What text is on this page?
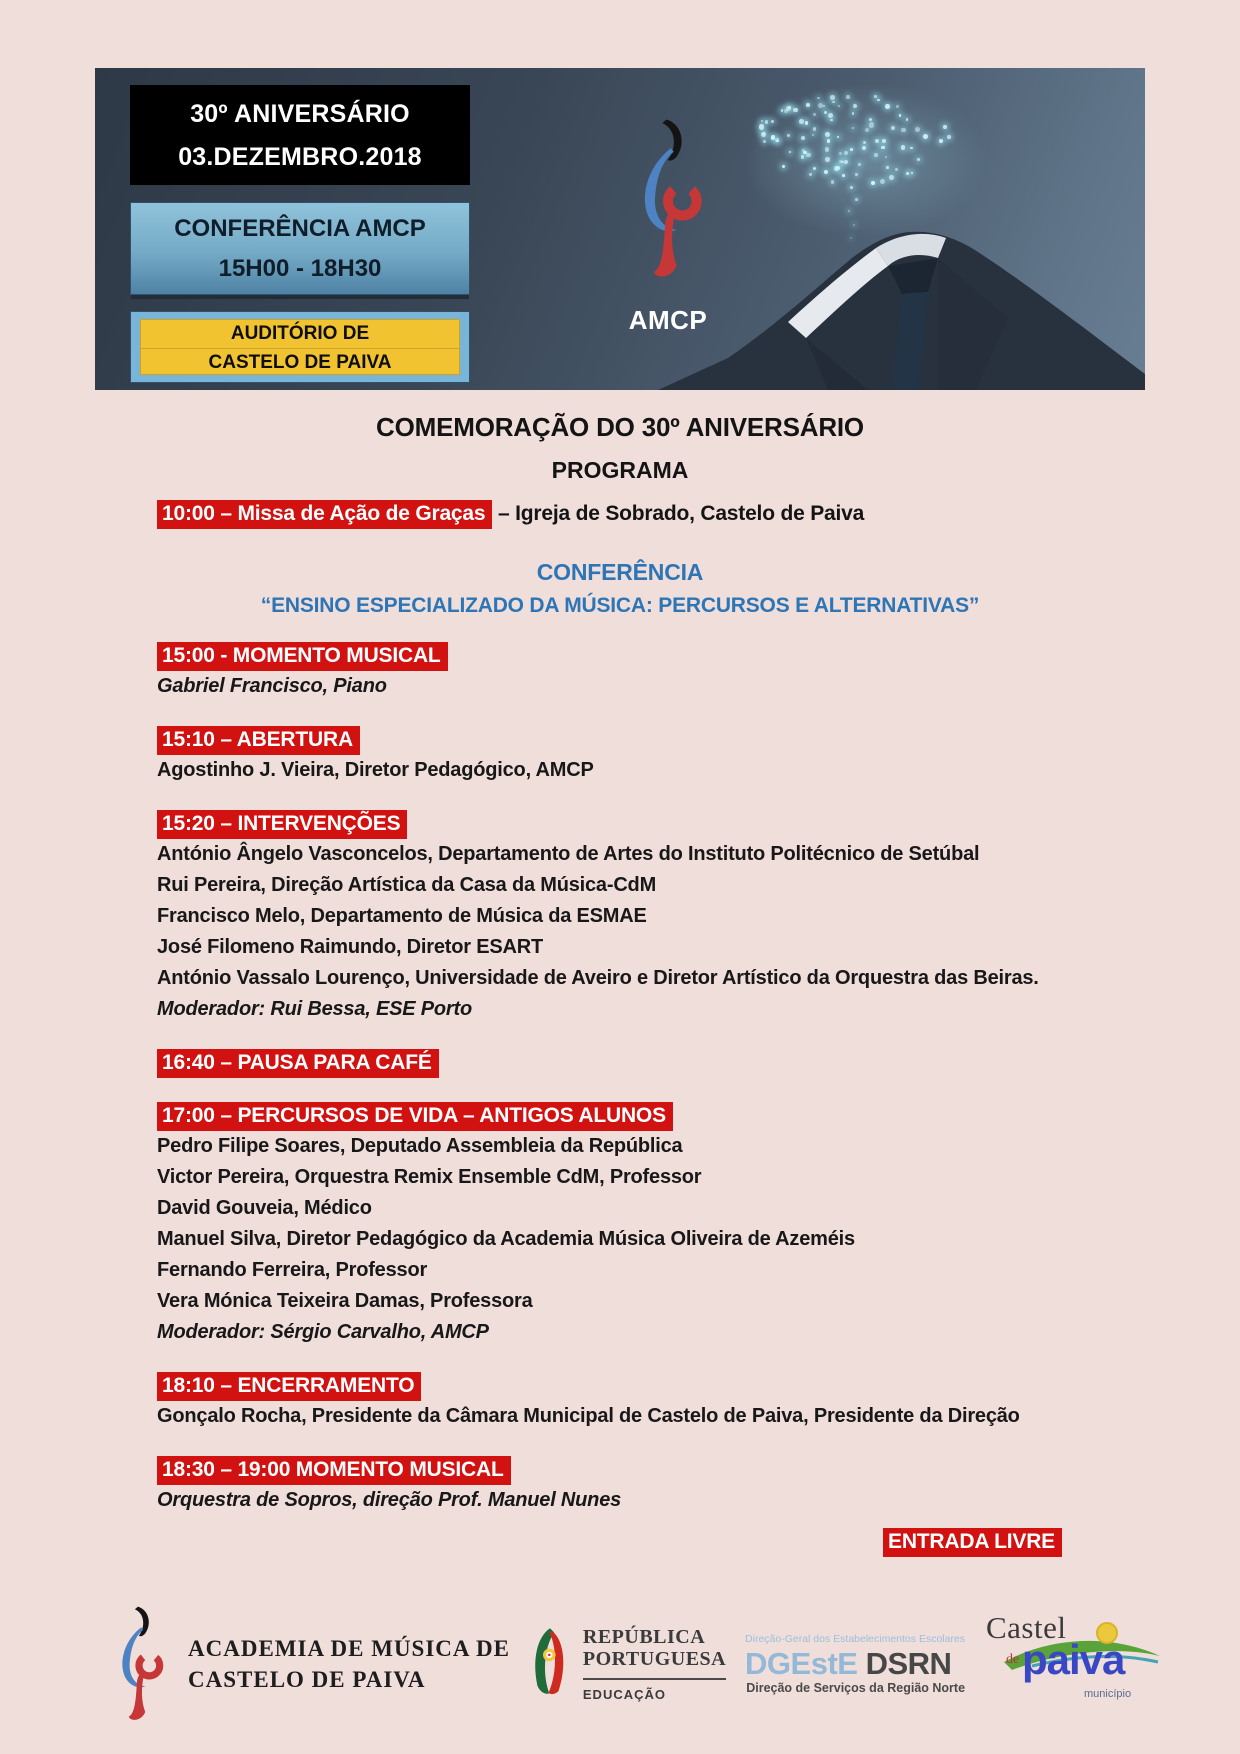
30º ANIVERSÁRIO
03.DEZEMBRO.2018
CONFERÊNCIA AMCP
15H00 - 18H30
AUDITÓRIO DE
CASTELO DE PAIVA
AMCP
COMEMORAÇÃO DO 30º ANIVERSÁRIO
PROGRAMA
10:00 – Missa de Ação de Graças – Igreja de Sobrado, Castelo de Paiva
CONFERÊNCIA
“ENSINO ESPECIALIZADO DA MÚSICA: PERCURSOS E ALTERNATIVAS”
15:00 - MOMENTO MUSICAL
Gabriel Francisco, Piano
15:10 – ABERTURA
Agostinho J. Vieira, Diretor Pedagógico, AMCP
15:20 – INTERVENÇÕES
António Ângelo Vasconcelos, Departamento de Artes do Instituto Politécnico de Setúbal
Rui Pereira, Direção Artística da Casa da Música-CdM
Francisco Melo, Departamento de Música da ESMAE
José Filomeno Raimundo, Diretor ESART
António Vassalo Lourenço, Universidade de Aveiro e Diretor Artístico da Orquestra das Beiras.
Moderador: Rui Bessa, ESE Porto
16:40 – PAUSA PARA CAFÉ
17:00 – PERCURSOS DE VIDA – ANTIGOS ALUNOS
Pedro Filipe Soares, Deputado Assembleia da República
Victor Pereira, Orquestra Remix Ensemble CdM, Professor
David Gouveia, Médico
Manuel Silva, Diretor Pedagógico da Academia Música Oliveira de Azeméis
Fernando Ferreira, Professor
Vera Mónica Teixeira Damas, Professora
Moderador: Sérgio Carvalho, AMCP
18:10 – ENCERRAMENTO
Gonçalo Rocha, Presidente da Câmara Municipal de Castelo de Paiva, Presidente da Direção
18:30 – 19:00 MOMENTO MUSICAL
Orquestra de Sopros, direção Prof. Manuel Nunes
ENTRADA LIVRE
ACADEMIA DE MÚSICA DE
CASTELO DE PAIVA
REPÚBLICA
PORTUGUESA
EDUCAÇÃO
Direção-Geral dos Estabelecimentos Escolares
DGEstE DSRN
Direção de Serviços da Região Norte
Castel
de paiva
município
